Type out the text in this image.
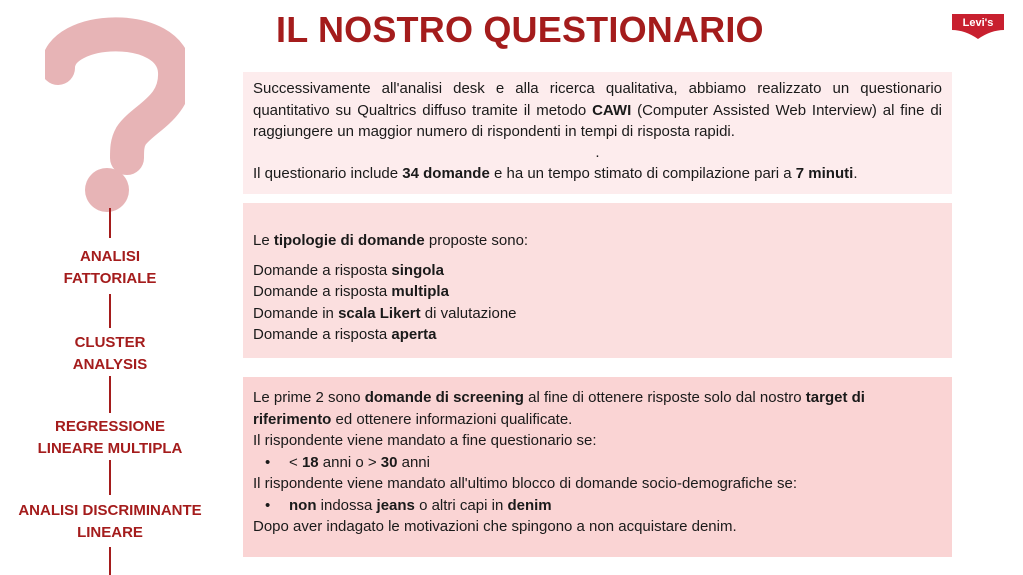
IL NOSTRO QUESTIONARIO	Levi's
ANALISI
FATTORIALE
CLUSTER
ANALYSIS
REGRESSIONE
LINEARE MULTIPLA
ANALISI DISCRIMINANTE
LINEARE
Successivamente all'analisi desk e alla ricerca qualitativa, abbiamo realizzato un questionario quantitativo su Qualtrics diffuso tramite il metodo CAWI (Computer Assisted Web Interview) al fine di raggiungere un maggior numero di rispondenti in tempi di risposta rapidi.
.
Il questionario include 34 domande e ha un tempo stimato di compilazione pari a 7 minuti.
Le tipologie di domande proposte sono:
Domande a risposta singola
Domande a risposta multipla
Domande in scala Likert di valutazione
Domande a risposta aperta
Le prime 2 sono domande di screening al fine di ottenere risposte solo dal nostro target di riferimento ed ottenere informazioni qualificate.
Il rispondente viene mandato a fine questionario se:
• < 18 anni o > 30 anni
Il rispondente viene mandato all'ultimo blocco di domande socio-demografiche se:
• non indossa jeans o altri capi in denim
Dopo aver indagato le motivazioni che spingono a non acquistare denim.
